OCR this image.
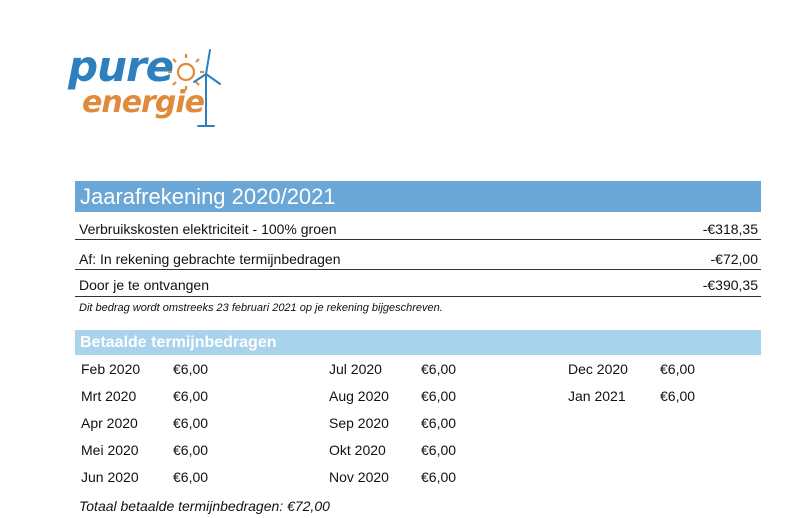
pure
energie
Jaarafrekening 2020/2021
Verbruikskosten elektriciteit - 100% groen	-€318,35
Af: In rekening gebrachte termijnbedragen	-€72,00
Door je te ontvangen	-€390,35
Dit bedrag wordt omstreeks 23 februari 2021 op je rekening bijgeschreven.
Betaalde termijnbedragen
Feb 2020 €6,00
Mrt 2020	€6,00
Apr 2020	€6,00
Mei 2020 €6,00
Jun 2020 €6,00
Jul 2020	€6,00
Aug 2020 €6,00
Sep 2020 €6,00
Okt 2020	€6,00
Nov 2020 €6,00
Dec 2020 €6,00
Jan 2021 €6,00
Totaal betaalde termijnbedragen: €72,00
